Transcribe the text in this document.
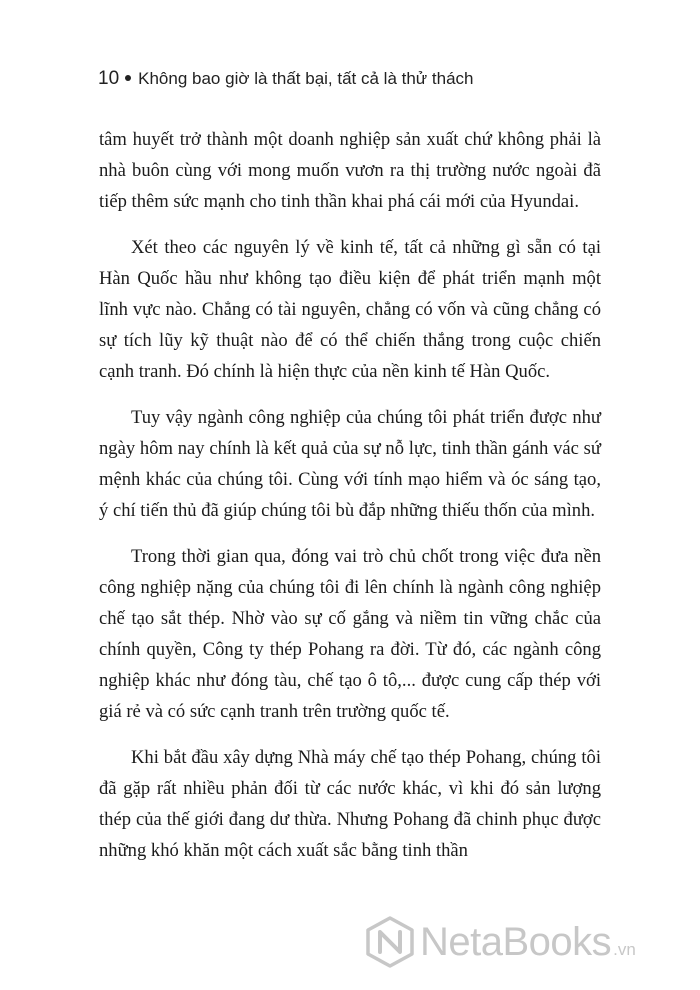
10 Không bao giờ là thất bại, tất cả là thử thách

tâm huyết trở thành một doanh nghiệp sản xuất chứ không phải là nhà buôn cùng với mong muốn vươn ra thị trường nước ngoài đã tiếp thêm sức mạnh cho tinh thần khai phá cái mới của Hyundai.

Xét theo các nguyên lý về kinh tế, tất cả những gì sẵn có tại Hàn Quốc hầu như không tạo điều kiện để phát triển mạnh một lĩnh vực nào. Chẳng có tài nguyên, chẳng có vốn và cũng chẳng có sự tích lũy kỹ thuật nào để có thể chiến thắng trong cuộc chiến cạnh tranh. Đó chính là hiện thực của nền kinh tế Hàn Quốc.

Tuy vậy ngành công nghiệp của chúng tôi phát triển được như ngày hôm nay chính là kết quả của sự nỗ lực, tinh thần gánh vác sứ mệnh khác của chúng tôi. Cùng với tính mạo hiểm và óc sáng tạo, ý chí tiến thủ đã giúp chúng tôi bù đắp những thiếu thốn của mình.

Trong thời gian qua, đóng vai trò chủ chốt trong việc đưa nền công nghiệp nặng của chúng tôi đi lên chính là ngành công nghiệp chế tạo sắt thép. Nhờ vào sự cố gắng và niềm tin vững chắc của chính quyền, Công ty thép Pohang ra đời. Từ đó, các ngành công nghiệp khác như đóng tàu, chế tạo ô tô,... được cung cấp thép với giá rẻ và có sức cạnh tranh trên trường quốc tế.

Khi bắt đầu xây dựng Nhà máy chế tạo thép Pohang, chúng tôi đã gặp rất nhiều phản đối từ các nước khác, vì khi đó sản lượng thép của thế giới đang dư thừa. Nhưng Pohang đã chinh phục được những khó khăn một cách xuất sắc bằng tinh thần

NetaBooks .vn
